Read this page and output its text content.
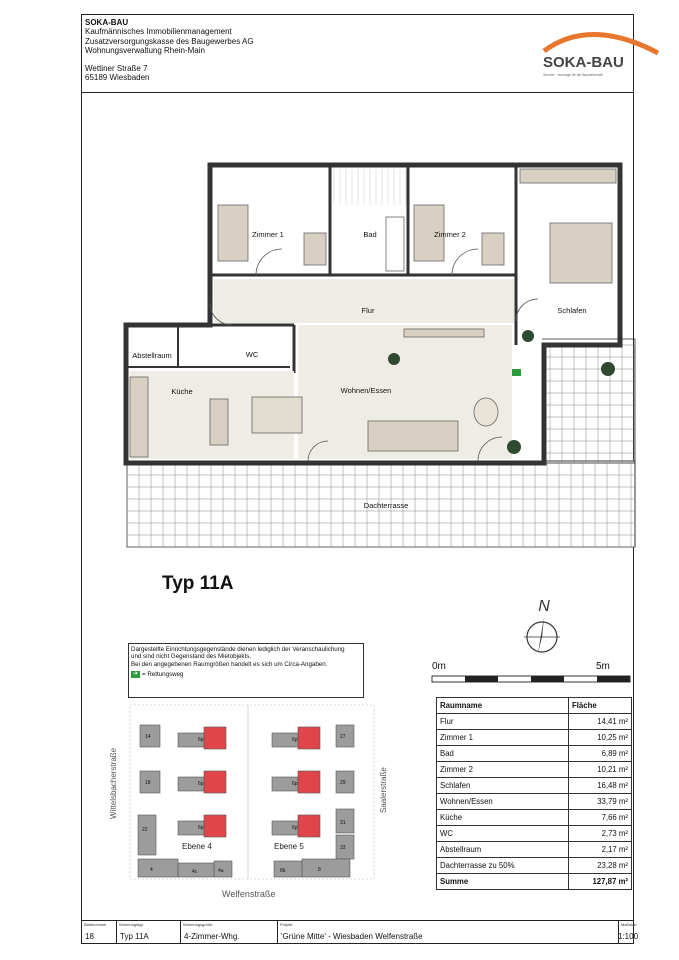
SOKA-BAU
Kaufmännisches Immobilienmanagement
Zusatzversorgungskasse des Baugewerbes AG
Wohnungsverwaltung Rhein-Main
Wettiner Straße 7
65189 Wiesbaden
SOKA-BAU
Service · Vorsorge für die Bauwirtschaft
Blattnummer
18
Wohnungstyp
Typ 11A
Wohnungsgröße
4-Zimmer-Whg.
Projekt
'Grüne Mitte' - Wiesbaden Welfenstraße
Maßstab
1:100
Zimmer 1	Bad	Zimmer 2
Flur	Schlafen
Abstellraum	WC
Küche	Wohnen/Essen
Dachterrasse
Typ 11A
Dargestellte Einrichtungsgegenstände dienen lediglich der Veranschaulichung
und sind nicht Gegenstand des Mietobjekts.
Bei den angegebenen Raumgrößen handelt es sich um Circa-Angaben.
➔ = Rettungsweg
N
0m	5m
Raumname	Fläche
Flur	14,41 m²
Zimmer 1	10,25 m²
Bad	6,89 m²
Zimmer 2	10,21 m²
Schlafen	16,48 m²
Wohnen/Essen	33,79 m²
Küche	7,66 m²
WC	2,73 m²
Abstellraum	2,17 m²
Dachterrasse zu 50%	23,28 m²
Summe	127,87 m²
Wittelsbacherstraße	Saalerstraße
Welfenstraße
14
18
22
4	4c	4a
27
29
31
33
8b	8
6p
6p
6p
6p
6p
6p
Ebene 4	Ebene 5
